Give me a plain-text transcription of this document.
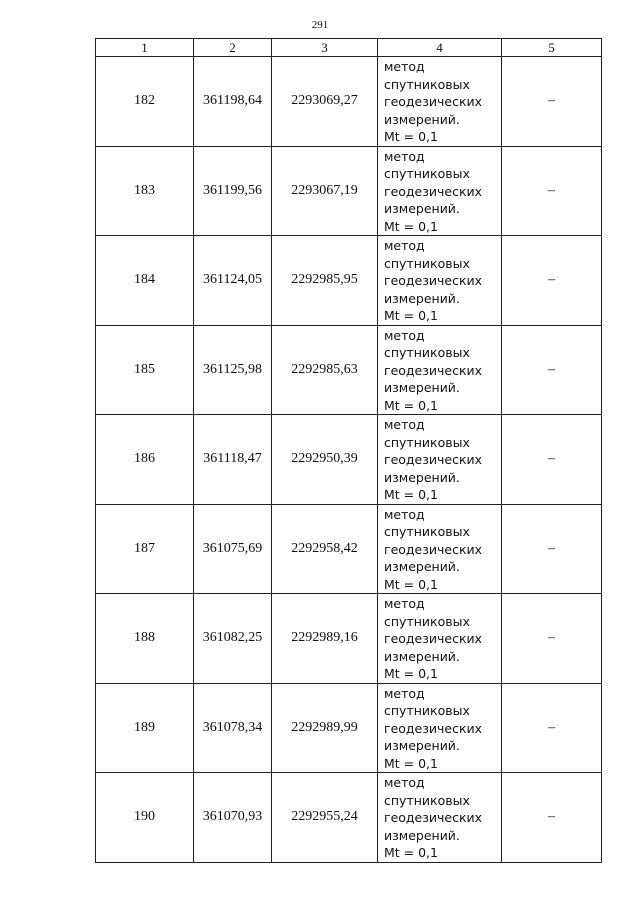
291
1	2	3	4	5
182	361198,64	2293069,27	метод
спутниковых
геодезических
измерений.
Mt = 0,1	–
183	361199,56	2293067,19	метод
спутниковых
геодезических
измерений.
Mt = 0,1	–
184	361124,05	2292985,95	метод
спутниковых
геодезических
измерений.
Mt = 0,1	–
185	361125,98	2292985,63	метод
спутниковых
геодезических
измерений.
Mt = 0,1	–
186	361118,47	2292950,39	метод
спутниковых
геодезических
измерений.
Mt = 0,1	–
187	361075,69	2292958,42	метод
спутниковых
геодезических
измерений.
Mt = 0,1	–
188	361082,25	2292989,16	метод
спутниковых
геодезических
измерений.
Mt = 0,1	–
189	361078,34	2292989,99	метод
спутниковых
геодезических
измерений.
Mt = 0,1	–
190	361070,93	2292955,24	метод
спутниковых
геодезических
измерений.
Mt = 0,1	–
